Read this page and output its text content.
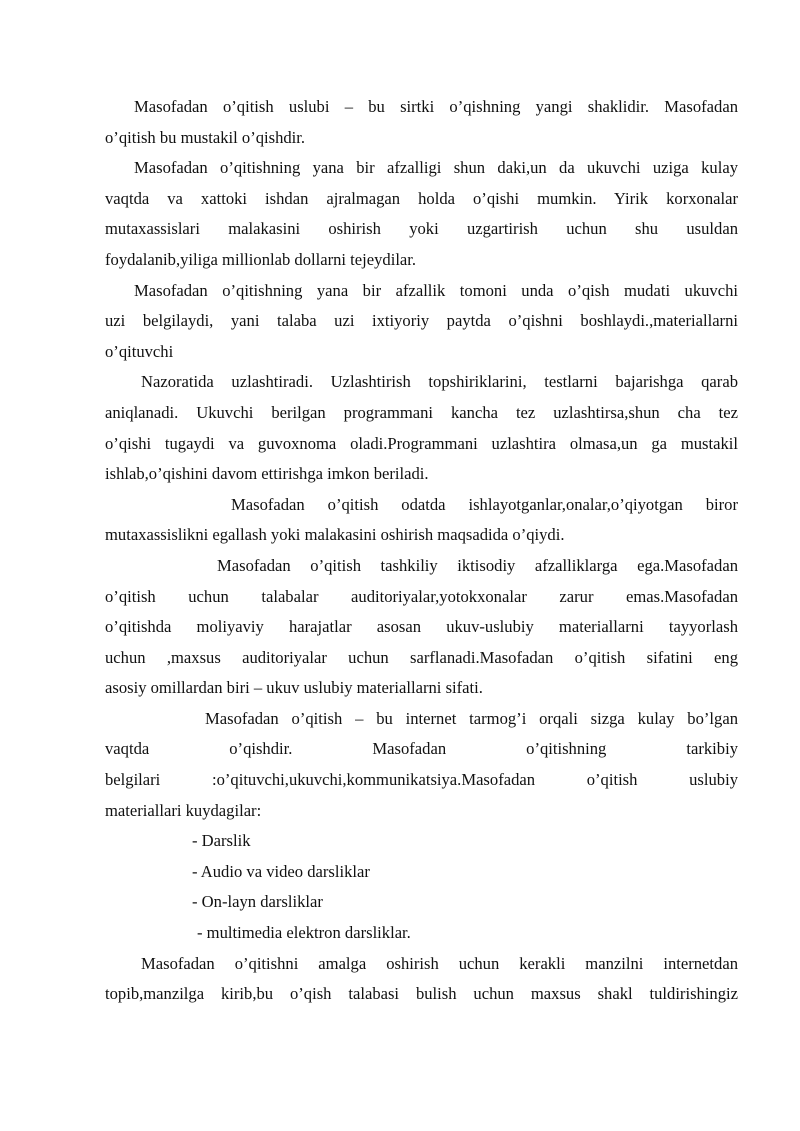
Masofadan o’qitish uslubi – bu sirtki o’qishning yangi shaklidir. Masofadan
o’qitish bu mustakil o’qishdir.
Masofadan o’qitishning yana bir afzalligi shun daki,un da ukuvchi uziga kulay
vaqtda va xattoki ishdan ajralmagan holda o’qishi mumkin. Yirik korxonalar
mutaxassislari malakasini oshirish yoki uzgartirish uchun shu usuldan
foydalanib,yiliga millionlab dollarni tejeydilar.
Masofadan o’qitishning yana bir afzallik tomoni unda o’qish mudati ukuvchi
uzi belgilaydi, yani talaba uzi ixtiyoriy paytda o’qishni boshlaydi.,materiallarni
o’qituvchi
Nazoratida uzlashtiradi. Uzlashtirish topshiriklarini, testlarni bajarishga qarab
aniqlanadi. Ukuvchi berilgan programmani kancha tez uzlashtirsa,shun cha tez
o’qishi tugaydi va guvoxnoma oladi.Programmani uzlashtira olmasa,un ga mustakil
ishlab,o’qishini davom ettirishga imkon beriladi.
Masofadan o’qitish odatda ishlayotganlar,onalar,o’qiyotgan biror
mutaxassislikni egallash yoki malakasini oshirish maqsadida o’qiydi.
Masofadan o’qitish tashkiliy iktisodiy afzalliklarga ega.Masofadan
o’qitish uchun talabalar auditoriyalar,yotokxonalar zarur emas.Masofadan
o’qitishda moliyaviy harajatlar asosan ukuv-uslubiy materiallarni tayyorlash
uchun ,maxsus auditoriyalar uchun sarflanadi.Masofadan o’qitish sifatini eng
asosiy omillardan biri – ukuv uslubiy materiallarni sifati.
Masofadan o’qitish – bu internet tarmog’i orqali sizga kulay bo’lgan
vaqtda o’qishdir. Masofadan o’qitishning tarkibiy
belgilari :o’qituvchi,ukuvchi,kommunikatsiya.Masofadan o’qitish uslubiy
materiallari kuydagilar:
- Darslik
- Audio va video darsliklar
- On-layn darsliklar
- multimedia elektron darsliklar.
Masofadan o’qitishni amalga oshirish uchun kerakli manzilni internetdan
topib,manzilga kirib,bu o’qish talabasi bulish uchun maxsus shakl tuldirishingiz
